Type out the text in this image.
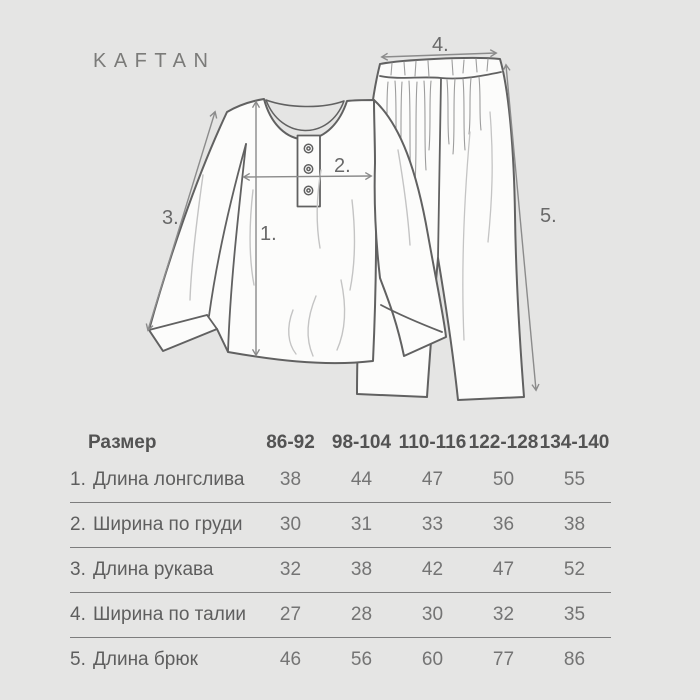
1.
2.
3.
4.
5.
KAFTAN
Размер	86-92 98-104 110-116 122-128 134-140
1. Длина лонгслива	38	44	47	50	55
2. Ширина по груди	30	31	33	36	38
3. Длина рукава	32	38	42	47	52
4. Ширина по талии	27	28	30	32	35
5. Длина брюк	46	56	60	77	86
